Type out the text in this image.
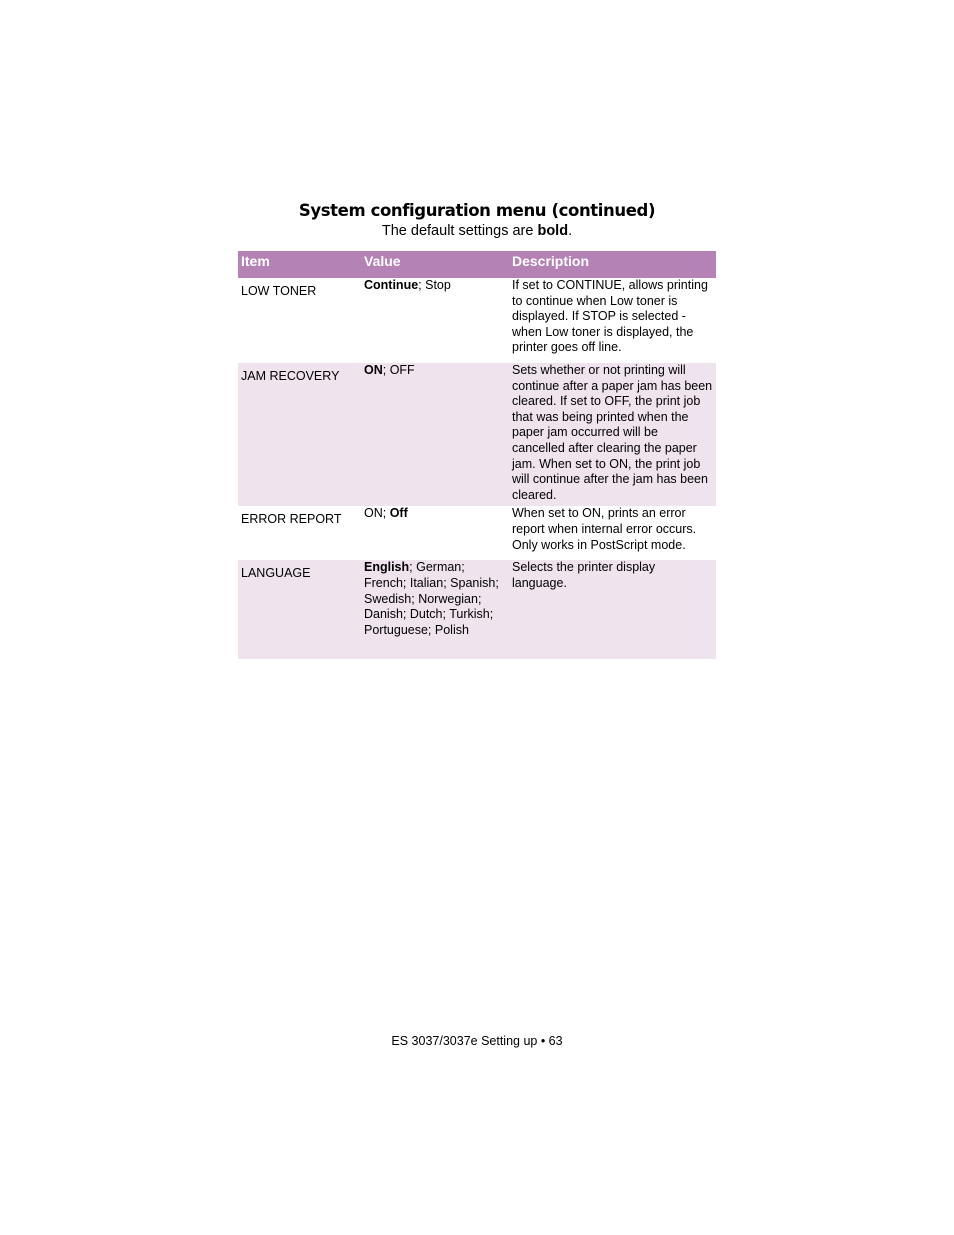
System configuration menu (continued)

The default settings are bold.

Item	Value	Description
LOW TONER	Continue; Stop	If set to CONTINUE, allows printing to continue when Low toner is displayed. If STOP is selected - when Low toner is displayed, the printer goes off line.
JAM RECOVERY	ON; OFF	Sets whether or not printing will continue after a paper jam has been cleared. If set to OFF, the print job that was being printed when the paper jam occurred will be cancelled after clearing the paper jam. When set to ON, the print job will continue after the jam has been cleared.
ERROR REPORT	ON; Off	When set to ON, prints an error report when internal error occurs. Only works in PostScript mode.
LANGUAGE	English; German; French; Italian; Spanish; Swedish; Norwegian; Danish; Dutch; Turkish; Portuguese; Polish	Selects the printer display language.
ES 3037/3037e Setting up • 63
